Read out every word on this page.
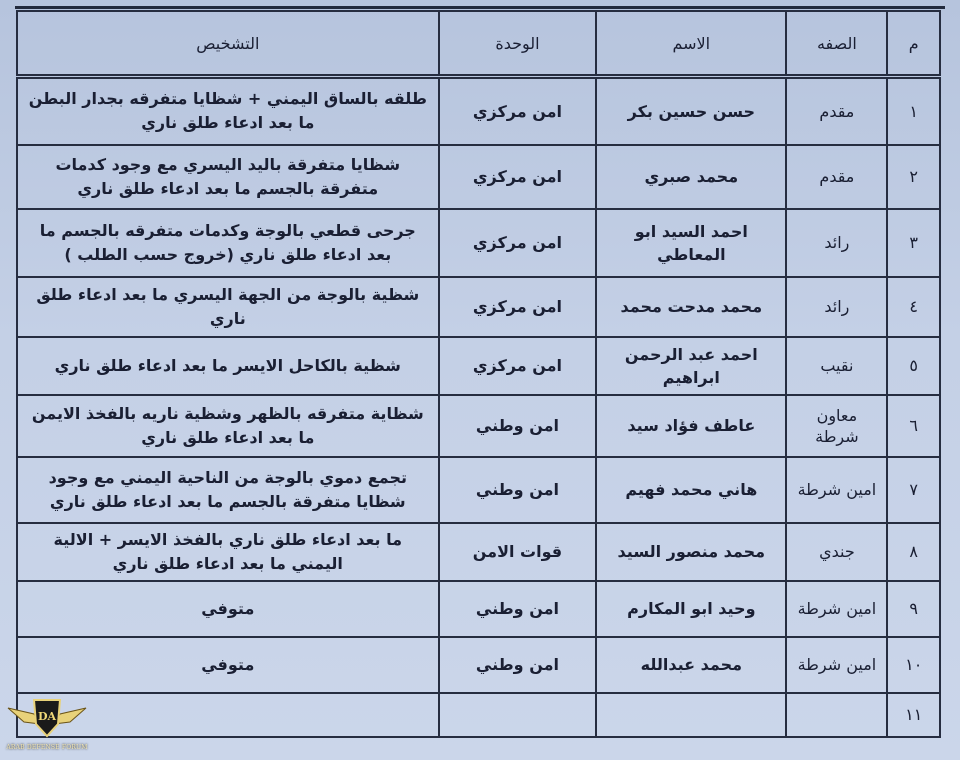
م	الصفه	الاسم	الوحدة	التشخيص
١	مقدم	حسن حسين بكر	امن مركزي	طلقه بالساق اليمني + شظايا متفرقه بجدار البطن ما بعد ادعاء طلق ناري
٢	مقدم	محمد صبري	امن مركزي	شظايا متفرقة باليد اليسري مع وجود كدمات متفرقة بالجسم ما بعد ادعاء طلق ناري
٣	رائد	احمد السيد ابو المعاطي	امن مركزي	جرحى قطعي بالوجة وكدمات متفرقه بالجسم ما بعد ادعاء طلق ناري (خروج حسب الطلب )
٤	رائد	محمد مدحت محمد	امن مركزي	شظية بالوجة من الجهة اليسري ما بعد ادعاء طلق ناري
٥	نقيب	احمد عبد الرحمن ابراهيم	امن مركزي	شظية بالكاحل الايسر ما بعد ادعاء طلق ناري
٦	معاون شرطة	عاطف فؤاد سيد	امن وطني	شظاية متفرقه بالظهر وشظية ناريه بالفخذ الايمن ما بعد ادعاء طلق ناري
٧	امين شرطة	هاني محمد فهيم	امن وطني	تجمع دموي بالوجة من الناحية اليمني مع وجود شظايا متفرقة بالجسم ما بعد ادعاء طلق ناري
٨	جندي	محمد منصور السيد	قوات الامن	ما بعد ادعاء طلق ناري بالفخذ الايسر + الالية اليمني ما بعد ادعاء طلق ناري
٩	امين شرطة	وحيد ابو المكارم	امن وطني	متوفي
١٠	امين شرطة	محمد عبدالله	امن وطني	متوفي
١١				
DA
ARAB DEFENSE FORUM
